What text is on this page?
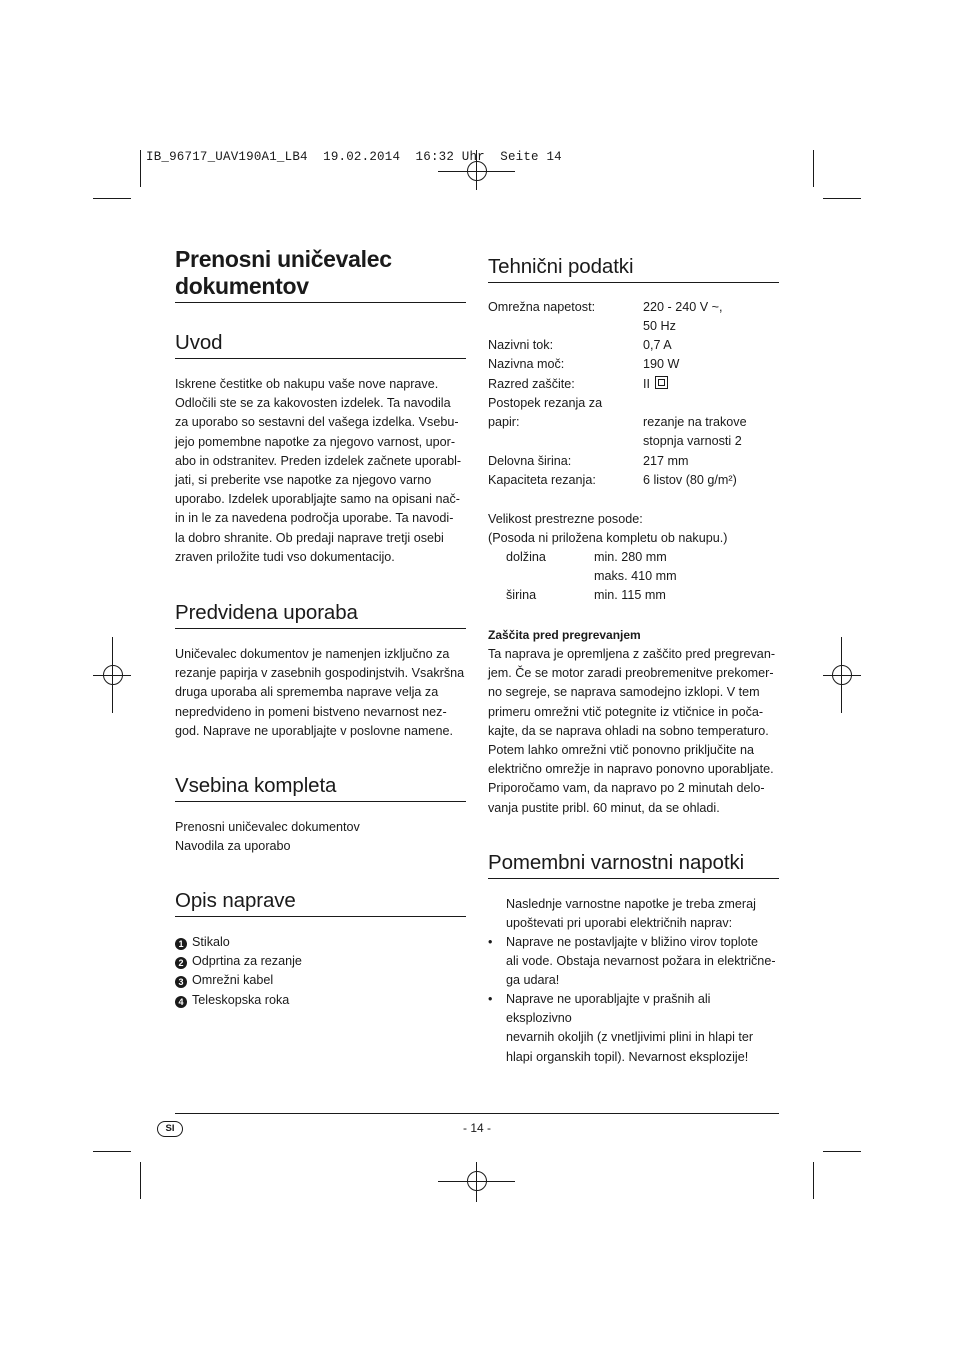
IB_96717_UAV190A1_LB4  19.02.2014  16:32 Uhr  Seite 14
Prenosni uničevalec dokumentov
Uvod
Iskrene čestitke ob nakupu vaše nove naprave.
Odločili ste se za kakovosten izdelek. Ta navodila
za uporabo so sestavni del vašega izdelka. Vsebu-
jejo pomembne napotke za njegovo varnost, upor-
abo in odstranitev. Preden izdelek začnete uporabl-
jati, si preberite vse napotke za njegovo varno
uporabo. Izdelek uporabljajte samo na opisani nač-
in in le za navedena področja uporabe. Ta navodi-
la dobro shranite. Ob predaji naprave tretji osebi
zraven priložite tudi vso dokumentacijo.
Predvidena uporaba
Uničevalec dokumentov je namenjen izključno za
rezanje papirja v zasebnih gospodinjstvih. Vsakršna
druga uporaba ali sprememba naprave velja za
nepredvideno in pomeni bistveno nevarnost nez-
god. Naprave ne uporabljajte v poslovne namene.
Vsebina kompleta
Prenosni uničevalec dokumentov
Navodila za uporabo
Opis naprave
1 Stikalo
2 Odprtina za rezanje
3 Omrežni kabel
4 Teleskopska roka
Tehnični podatki
Omrežna napetost:	220 - 240 V ~,
50 Hz
Nazivni tok:	0,7 A
Nazivna moč:	190 W
Razred zaščite:	II
Postopek rezanja za
papir:	rezanje na trakove
stopnja varnosti 2
Delovna širina:	217 mm
Kapaciteta rezanja:	6 listov (80 g/m²)
Velikost prestrezne posode:
(Posoda ni priložena kompletu ob nakupu.)
dolžina	min. 280 mm
maks. 410 mm
širina	min. 115 mm
Zaščita pred pregrevanjem
Ta naprava je opremljena z zaščito pred pregrevan-
jem. Če se motor zaradi preobremenitve prekomer-
no segreje, se naprava samodejno izklopi. V tem
primeru omrežni vtič potegnite iz vtičnice in poča-
kajte, da se naprava ohladi na sobno temperaturo.
Potem lahko omrežni vtič ponovno priključite na
električno omrežje in napravo ponovno uporabljate.
Priporočamo vam, da napravo po 2 minutah delo-
vanja pustite pribl. 60 minut, da se ohladi.
Pomembni varnostni napotki
Naslednje varnostne napotke je treba zmeraj
upoštevati pri uporabi električnih naprav:
• Naprave ne postavljajte v bližino virov toplote
ali vode. Obstaja nevarnost požara in električne-
ga udara!
• Naprave ne uporabljajte v prašnih ali eksplozivno
nevarnih okoljih (z vnetljivimi plini in hlapi ter
hlapi organskih topil). Nevarnost eksplozije!
SI	- 14 -
